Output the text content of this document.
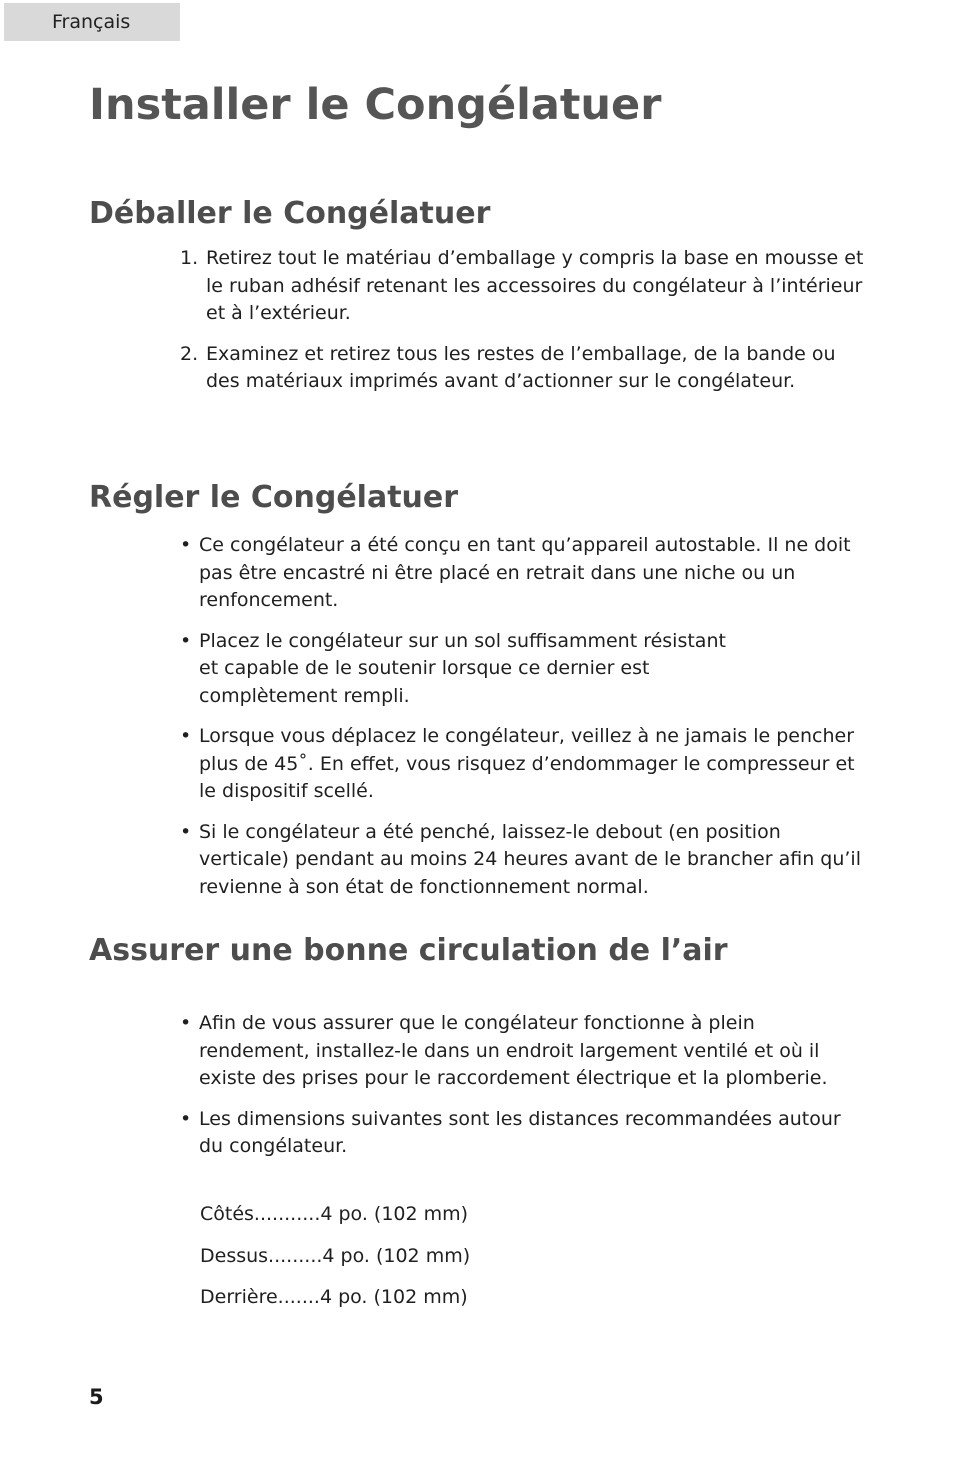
Français
Installer le Congélatuer
Déballer le Congélatuer
1. Retirez tout le matériau d’emballage y compris la base en mousse et le ruban adhésif retenant les accessoires du congélateur à l’intérieur et à l’extérieur.
2. Examinez et retirez tous les restes de l’emballage, de la bande ou des matériaux imprimés avant d’actionner sur le congélateur.
Régler le Congélatuer
• Ce congélateur a été conçu en tant qu’appareil autostable. Il ne doit pas être encastré ni être placé en retrait dans une niche ou un renfoncement.
• Placez le congélateur sur un sol suffisamment résistant et capable de le soutenir lorsque ce dernier est complètement rempli.
• Lorsque vous déplacez le congélateur, veillez à ne jamais le pencher plus de 45˚. En effet, vous risquez d’endommager le compresseur et le dispositif scellé.
• Si le congélateur a été penché, laissez-le debout (en position verticale) pendant au moins 24 heures avant de le brancher afin qu’il revienne à son état de fonctionnement normal.
Assurer une bonne circulation de l’air
• Afin de vous assurer que le congélateur fonctionne à plein rendement, installez-le dans un endroit largement ventilé et où il existe des prises pour le raccordement électrique et la plomberie.
• Les dimensions suivantes sont les distances recommandées autour du congélateur.
Côtés...........4 po. (102 mm)
Dessus.........4 po. (102 mm)
Derrière.......4 po. (102 mm)
5
